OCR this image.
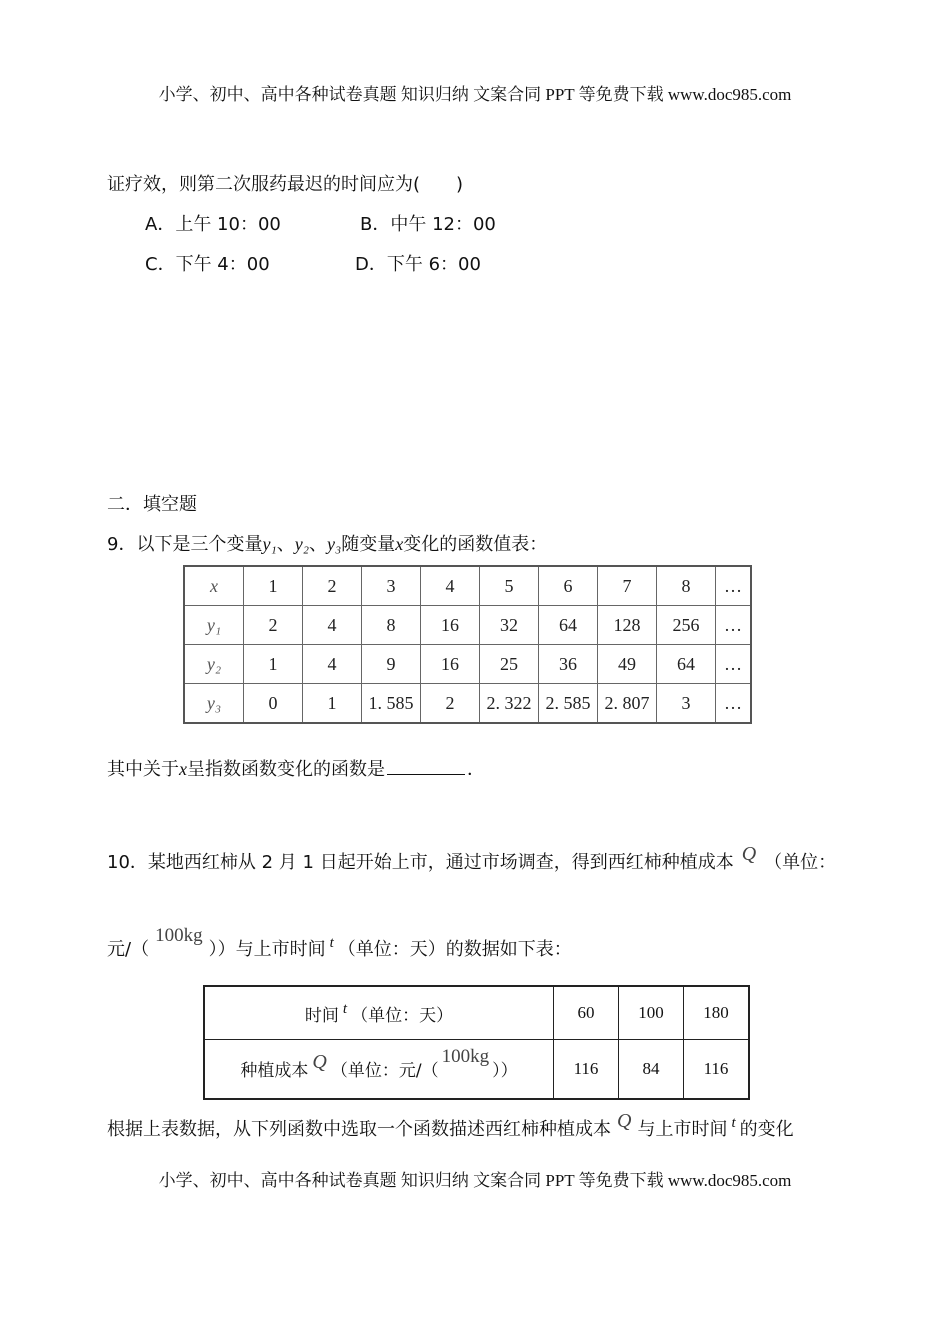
小学、初中、高中各种试卷真题 知识归纳 文案合同 PPT 等免费下载 www.doc985.com
证疗效，则第二次服药最迟的时间应为(　　)
A．上午 10：00	B．中午 12：00
C．下午 4：00	D．下午 6：00
二．填空题
9．以下是三个变量y₁、y₂、y₃随变量x变化的函数值表：
x	1	2	3	4	5	6	7	8	…
y₁	2	4	8	16	32	64	128	256	…
y₂	1	4	9	16	25	36	49	64	…
y₃	0	1	1. 585	2	2. 322	2. 585	2. 807	3	…
其中关于x呈指数函数变化的函数是	．
10．某地西红柿从 2 月 1 日起开始上市，通过市场调查，得到西红柿种植成本 Q （单位：
元/（100kg））与上市时间 $^t$ （单位：天）的数据如下表：
时间 t （单位：天）	60	100	180
种植成本 Q （单位：元/（100kg））	116	84	116
根据上表数据，从下列函数中选取一个函数描述西红柿种植成本 Q 与上市时间 $^t$ 的变化
小学、初中、高中各种试卷真题 知识归纳 文案合同 PPT 等免费下载 www.doc985.com
